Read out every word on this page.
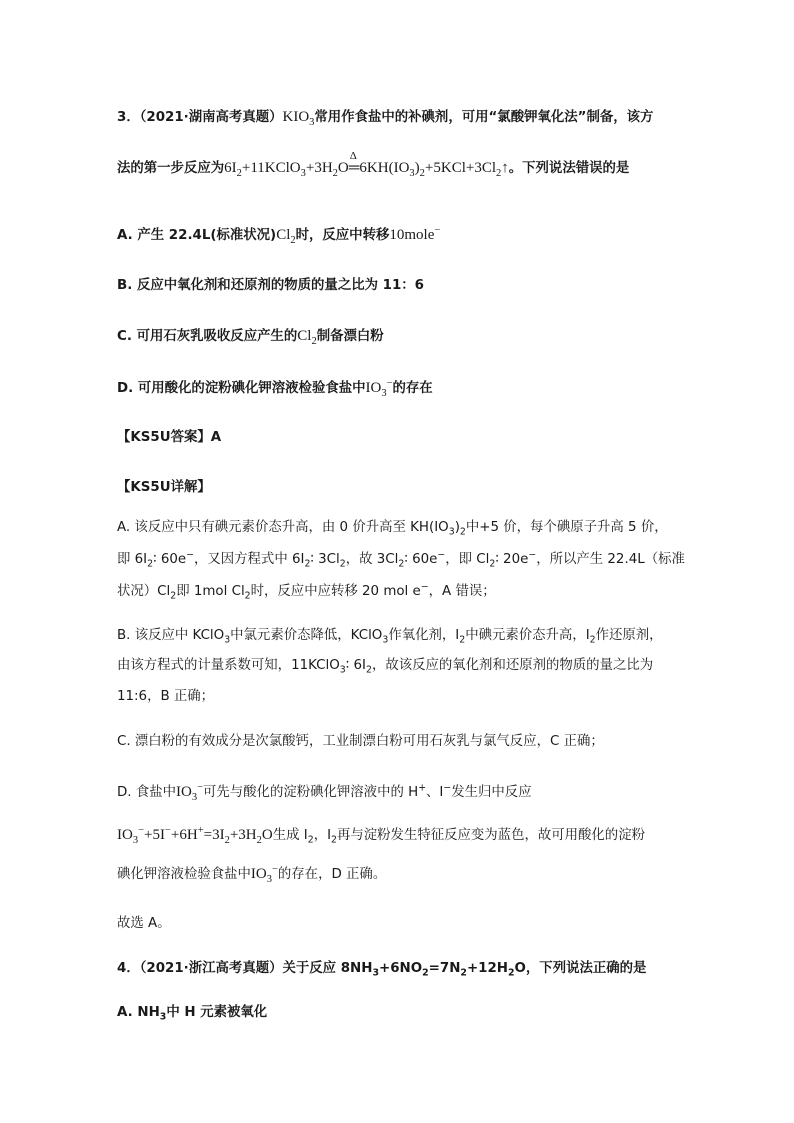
3．（2021·湖南高考真题）$KIO_3$常用作食盐中的补碘剂，可用“氯酸钾氧化法”制备，该方
法的第一步反应为$6I_2+11KClO_3+3H_2O$
Δ
$═6KH(IO_3)_2+5KCl+3Cl_2↑$。下列说法错误的是
A. 产生 22.4L(标准状况)$Cl_2$时，反应中转移10mole−
B. 反应中氧化剂和还原剂的物质的量之比为 11：6
C. 可用石灰乳吸收反应产生的$Cl_2$制备漂白粉
D. 可用酸化的淀粉碘化钾溶液检验食盐中$IO_3^-$的存在
【KS5U答案】A
【KS5U详解】
A. 该反应中只有碘元素价态升高，由 0 价升高至 $KH(IO_3)_2$中+5 价，每个碘原子升高 5 价，
即 $6I_2∶$ 60e−，又因方程式中 $6I_2∶$ $3Cl_2$，故 $3Cl_2∶$ 60e−，即 $Cl_2∶$ 20e−，所以产生 22.4L（标准
状况）$Cl_2$即 1mol $Cl_2$时，反应中应转移 20 mol e−，A 错误；
B. 该反应中 KClO$_3$中氯元素价态降低，KClO$_3$作氧化剂，$I_2$中碘元素价态升高，$I_2$作还原剂，
由该方程式的计量系数可知，11KClO$_3$∶ $6I_2$，故该反应的氧化剂和还原剂的物质的量之比为
11:6，B 正确；
C. 漂白粉的有效成分是次氯酸钙，工业制漂白粉可用石灰乳与氯气反应，C 正确；
D. 食盐中$IO_3^-$可先与酸化的淀粉碘化钾溶液中的 H+、I−发生归中反应
$IO_3^-+5I^-+6H^+=3I_2+3H_2O$生成 $I_2$，$I_2$再与淀粉发生特征反应变为蓝色，故可用酸化的淀粉
碘化钾溶液检验食盐中$IO_3^-$的存在，D 正确。
故选 A。
4．（2021·浙江高考真题）关于反应 $8NH_3+6NO_2=7N_2+12H_2O$，下列说法正确的是
A. $NH_3$中 H 元素被氧化
